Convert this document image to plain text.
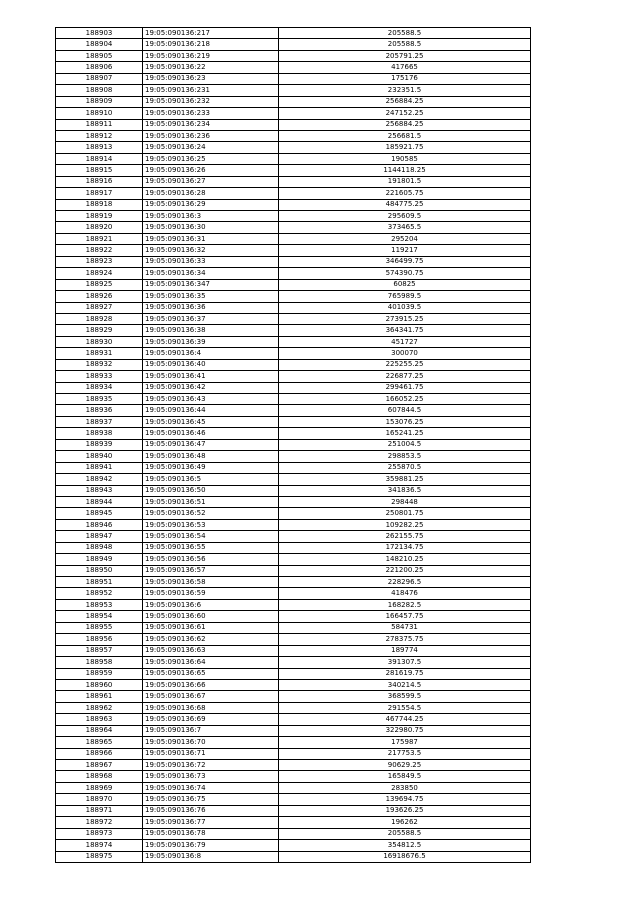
188903	19:05:090136:217	205588.5
188904	19:05:090136:218	205588.5
188905	19:05:090136:219	205791.25
188906	19:05:090136:22	417665
188907	19:05:090136:23	175176
188908	19:05:090136:231	232351.5
188909	19:05:090136:232	256884.25
188910	19:05:090136:233	247152.25
188911	19:05:090136:234	256884.25
188912	19:05:090136:236	256681.5
188913	19:05:090136:24	185921.75
188914	19:05:090136:25	190585
188915	19:05:090136:26	1144118.25
188916	19:05:090136:27	191801.5
188917	19:05:090136:28	221605.75
188918	19:05:090136:29	484775.25
188919	19:05:090136:3	295609.5
188920	19:05:090136:30	373465.5
188921	19:05:090136:31	295204
188922	19:05:090136:32	119217
188923	19:05:090136:33	346499.75
188924	19:05:090136:34	574390.75
188925	19:05:090136:347	60825
188926	19:05:090136:35	765989.5
188927	19:05:090136:36	401039.5
188928	19:05:090136:37	273915.25
188929	19:05:090136:38	364341.75
188930	19:05:090136:39	451727
188931	19:05:090136:4	300070
188932	19:05:090136:40	225255.25
188933	19:05:090136:41	226877.25
188934	19:05:090136:42	299461.75
188935	19:05:090136:43	166052.25
188936	19:05:090136:44	607844.5
188937	19:05:090136:45	153076.25
188938	19:05:090136:46	165241.25
188939	19:05:090136:47	251004.5
188940	19:05:090136:48	298853.5
188941	19:05:090136:49	255870.5
188942	19:05:090136:5	359881.25
188943	19:05:090136:50	341836.5
188944	19:05:090136:51	298448
188945	19:05:090136:52	250801.75
188946	19:05:090136:53	109282.25
188947	19:05:090136:54	262155.75
188948	19:05:090136:55	172134.75
188949	19:05:090136:56	148210.25
188950	19:05:090136:57	221200.25
188951	19:05:090136:58	228296.5
188952	19:05:090136:59	418476
188953	19:05:090136:6	168282.5
188954	19:05:090136:60	166457.75
188955	19:05:090136:61	584731
188956	19:05:090136:62	278375.75
188957	19:05:090136:63	189774
188958	19:05:090136:64	391307.5
188959	19:05:090136:65	281619.75
188960	19:05:090136:66	340214.5
188961	19:05:090136:67	368599.5
188962	19:05:090136:68	291554.5
188963	19:05:090136:69	467744.25
188964	19:05:090136:7	322980.75
188965	19:05:090136:70	175987
188966	19:05:090136:71	217753.5
188967	19:05:090136:72	90629.25
188968	19:05:090136:73	165849.5
188969	19:05:090136:74	283850
188970	19:05:090136:75	139694.75
188971	19:05:090136:76	193626.25
188972	19:05:090136:77	196262
188973	19:05:090136:78	205588.5
188974	19:05:090136:79	354812.5
188975	19:05:090136:8	16918676.5
